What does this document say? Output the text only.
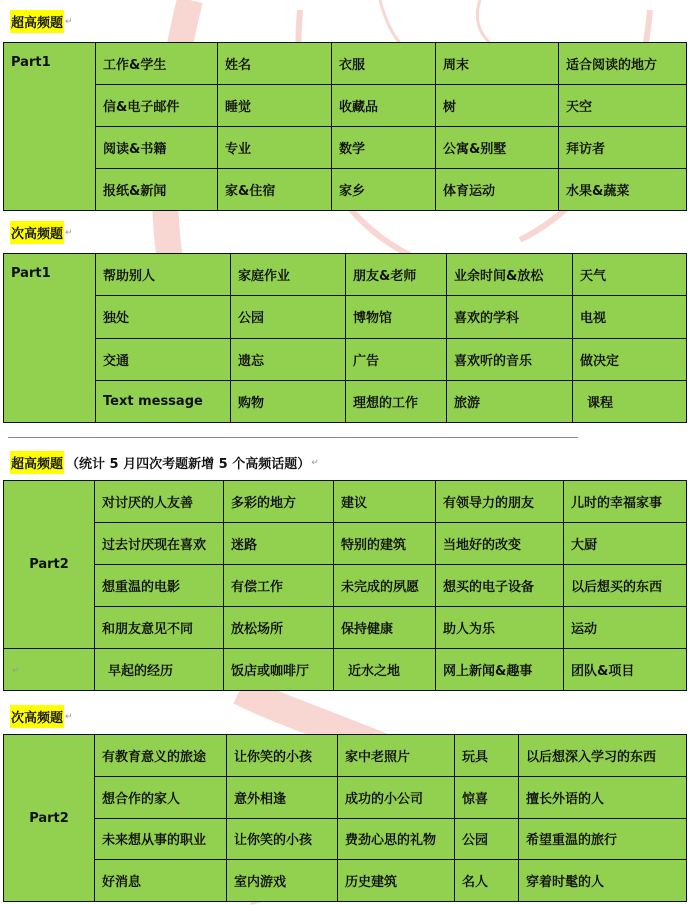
超高频题 ↵
Part1	工作&学生	姓名	衣服	周末	适合阅读的地方
	信&电子邮件	睡觉	收藏品	树	天空
	阅读&书籍	专业	数学	公寓&别墅	拜访者
	报纸&新闻	家&住宿	家乡	体育运动	水果&蔬菜
次高频题 ↵
Part1	帮助别人	家庭作业	朋友&老师	业余时间&放松	天气
	独处	公园	博物馆	喜欢的学科	电视
	交通	遗忘	广告	喜欢听的音乐	做决定
	Text message	购物	理想的工作	旅游	课程
超高频题 （统计 5 月四次考题新增 5 个高频话题） ↵
Part2	对讨厌的人友善	多彩的地方	建议	有领导力的朋友	儿时的幸福家事
	过去讨厌现在喜欢	迷路	特别的建筑	当地好的改变	大厨
	想重温的电影	有偿工作	未完成的夙愿	想买的电子设备	以后想买的东西
	和朋友意见不同	放松场所	保持健康	助人为乐	运动
↵	早起的经历	饭店或咖啡厅	近水之地	网上新闻&趣事	团队&项目
次高频题 ↵
Part2	有教育意义的旅途	让你笑的小孩	家中老照片	玩具	以后想深入学习的东西
	想合作的家人	意外相逢	成功的小公司	惊喜	擅长外语的人
	未来想从事的职业	让你笑的小孩	费劲心思的礼物	公园	希望重温的旅行
	好消息	室内游戏	历史建筑	名人	穿着时髦的人
